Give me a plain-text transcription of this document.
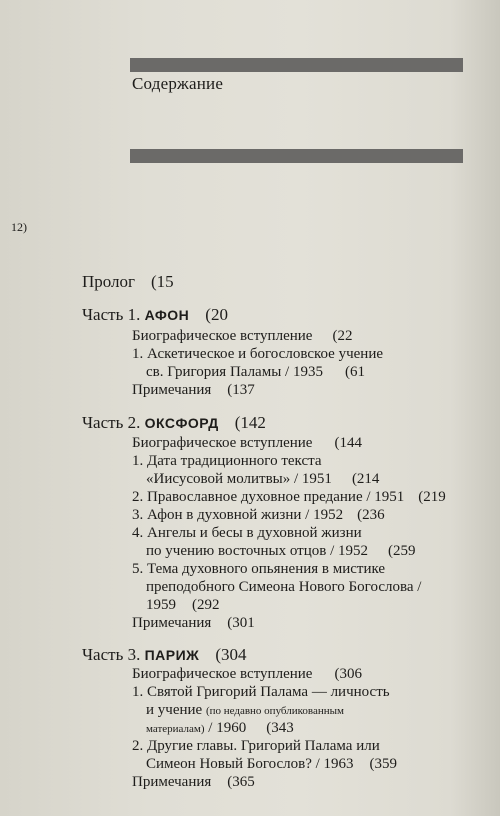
Содержание
12)
Пролог (15
Часть 1. АФОН (20
Биографическое вступление (22
1. Аскетическое и богословское учение
св. Григория Паламы / 1935 (61
Примечания (137
Часть 2. ОКСФОРД (142
Биографическое вступление (144
1. Дата традиционного текста
«Иисусовой молитвы» / 1951 (214
2. Православное духовное предание / 1951 (219
3. Афон в духовной жизни / 1952 (236
4. Ангелы и бесы в духовной жизни
по учению восточных отцов / 1952 (259
5. Тема духовного опьянения в мистике
преподобного Симеона Нового Богослова /
1959 (292
Примечания (301
Часть 3. ПАРИЖ (304
Биографическое вступление (306
1. Святой Григорий Палама — личность
и учение (по недавно опубликованным
материалам) / 1960 (343
2. Другие главы. Григорий Палама или
Симеон Новый Богослов? / 1963 (359
Примечания (365
